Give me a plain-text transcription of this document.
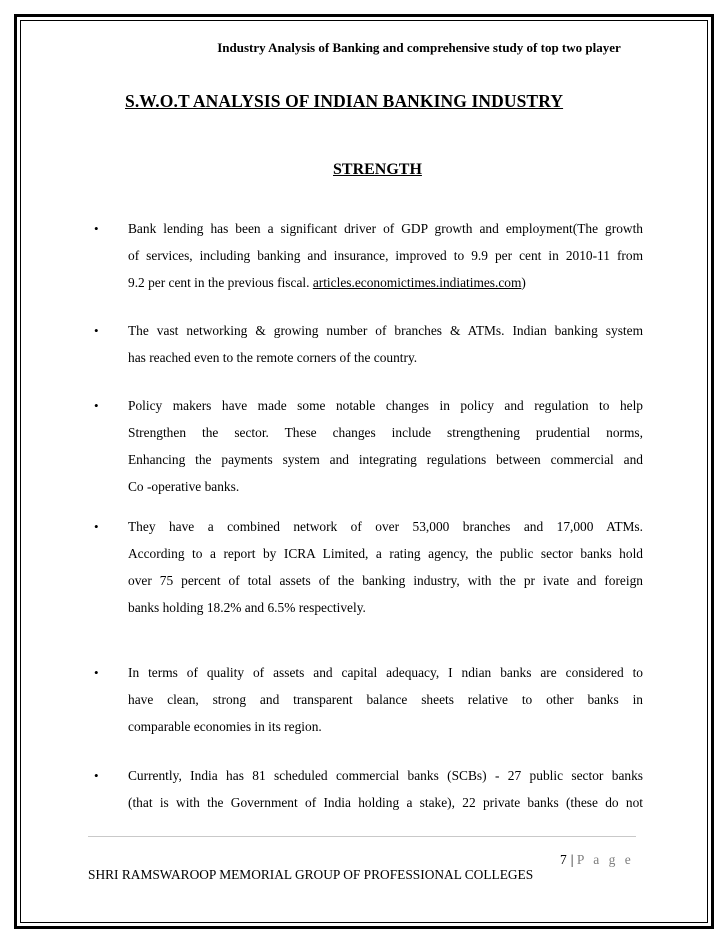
Industry Analysis of Banking and comprehensive study of top two player
S.W.O.T ANALYSIS OF INDIAN BANKING INDUSTRY
STRENGTH
• Bank lending has been a significant driver of GDP growth and employment(The growth
of services, including banking and insurance, improved to 9.9 per cent in 2010-11 from
9.2 per cent in the previous fiscal. articles.economictimes.indiatimes.com)

• The vast networking & growing number of branches & ATMs. Indian banking system
has reached even to the remote corners of the country.

• Policy makers have made some notable changes in policy and regulation to help
Strengthen the sector. These changes include strengthening prudential norms,
Enhancing the payments system and integrating regulations between commercial and
Co -operative banks.

• They have a combined network of over 53,000 branches and 17,000 ATMs.
According to a report by ICRA Limited, a rating agency, the public sector banks hold
over 75 percent of total assets of the banking industry, with the pr ivate and foreign
banks holding 18.2% and 6.5% respectively.

• In terms of quality of assets and capital adequacy, I ndian banks are considered to
have clean, strong and transparent balance sheets relative to other banks in
comparable economies in its region.

• Currently, India has 81 scheduled commercial banks (SCBs) - 27 public sector banks
(that is with the Government of India holding a stake), 22 private banks (these do not

7 | P a g e
SHRI RAMSWAROOP MEMORIAL GROUP OF PROFESSIONAL COLLEGES
